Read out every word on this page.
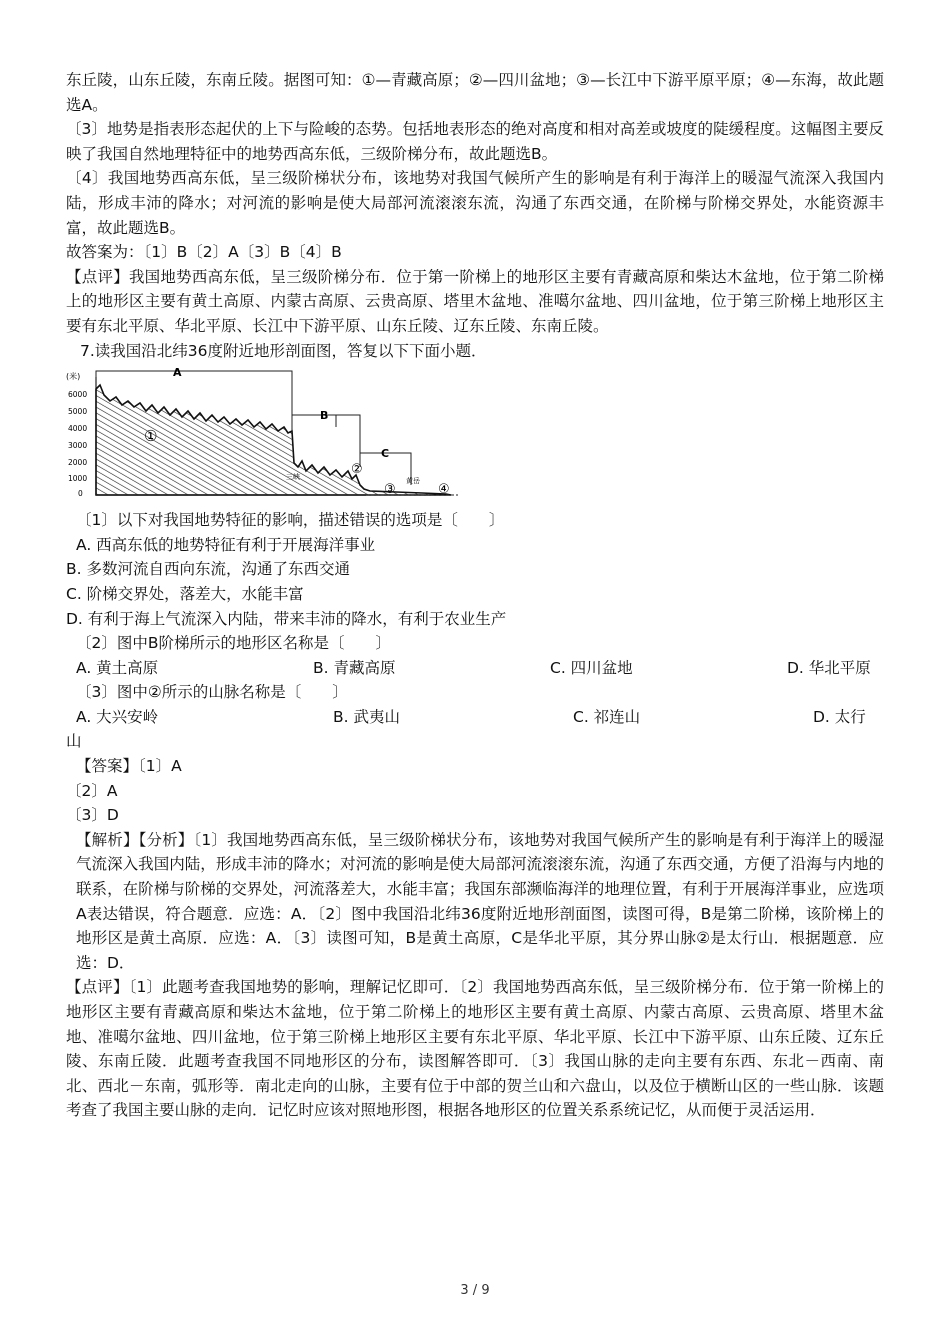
东丘陵，山东丘陵，东南丘陵。据图可知：①—青藏高原；②—四川盆地；③—长江中下游平原平原；④—东海，故此题选A。

〔3〕地势是指表形态起伏的上下与险峻的态势。包括地表形态的绝对高度和相对高差或坡度的陡缓程度。这幅图主要反映了我国自然地理特征中的地势西高东低，三级阶梯分布，故此题选B。

〔4〕我国地势西高东低，呈三级阶梯状分布，该地势对我国气候所产生的影响是有利于海洋上的暖湿气流深入我国内陆，形成丰沛的降水；对河流的影响是使大局部河流滚滚东流，沟通了东西交通，在阶梯与阶梯交界处，水能资源丰富，故此题选B。

故答案为：〔1〕B〔2〕A〔3〕B〔4〕B

【点评】我国地势西高东低，呈三级阶梯分布．位于第一阶梯上的地形区主要有青藏高原和柴达木盆地，位于第二阶梯上的地形区主要有黄土高原、内蒙古高原、云贵高原、塔里木盆地、准噶尔盆地、四川盆地，位于第三阶梯上地形区主要有东北平原、华北平原、长江中下游平原、山东丘陵、辽东丘陵、东南丘陵。

7.读我国沿北纬36度附近地形剖面图，答复以下下面小题．

(米)
6000
5000
4000
3000
2000
1000
0
A
B
C
①
②
③	④
三峡	黄岳

〔1〕以下对我国地势特征的影响，描述错误的选项是〔　　〕

A. 西高东低的地势特征有利于开展海洋事业

B. 多数河流自西向东流，沟通了东西交通

C. 阶梯交界处，落差大，水能丰富

D. 有利于海上气流深入内陆，带来丰沛的降水，有利于农业生产

〔2〕图中B阶梯所示的地形区名称是〔　　〕

A. 黄土高原	B. 青藏高原	C. 四川盆地	D. 华北平原

〔3〕图中②所示的山脉名称是〔　　〕

A. 大兴安岭	B. 武夷山	C. 祁连山	D. 太行

山

【答案】〔1〕A

〔2〕A

〔3〕D

【解析】【分析】〔1〕我国地势西高东低，呈三级阶梯状分布，该地势对我国气候所产生的影响是有利于海洋上的暖湿气流深入我国内陆，形成丰沛的降水；对河流的影响是使大局部河流滚滚东流，沟通了东西交通，方便了沿海与内地的联系，在阶梯与阶梯的交界处，河流落差大，水能丰富；我国东部濒临海洋的地理位置，有利于开展海洋事业，应选项A表达错误，符合题意．应选：A．〔2〕图中我国沿北纬36度附近地形剖面图，读图可得，B是第二阶梯，该阶梯上的地形区是黄土高原．应选：A．〔3〕读图可知，B是黄土高原，C是华北平原，其分界山脉②是太行山．根据题意．应选：D．

【点评】〔1〕此题考查我国地势的影响，理解记忆即可．〔2〕我国地势西高东低，呈三级阶梯分布．位于第一阶梯上的地形区主要有青藏高原和柴达木盆地，位于第二阶梯上的地形区主要有黄土高原、内蒙古高原、云贵高原、塔里木盆地、准噶尔盆地、四川盆地，位于第三阶梯上地形区主要有东北平原、华北平原、长江中下游平原、山东丘陵、辽东丘陵、东南丘陵．此题考查我国不同地形区的分布，读图解答即可．〔3〕我国山脉的走向主要有东西、东北－西南、南北、西北－东南，弧形等．南北走向的山脉，主要有位于中部的贺兰山和六盘山，以及位于横断山区的一些山脉．该题考查了我国主要山脉的走向．记忆时应该对照地形图，根据各地形区的位置关系系统记忆，从而便于灵活运用．

3 / 9
